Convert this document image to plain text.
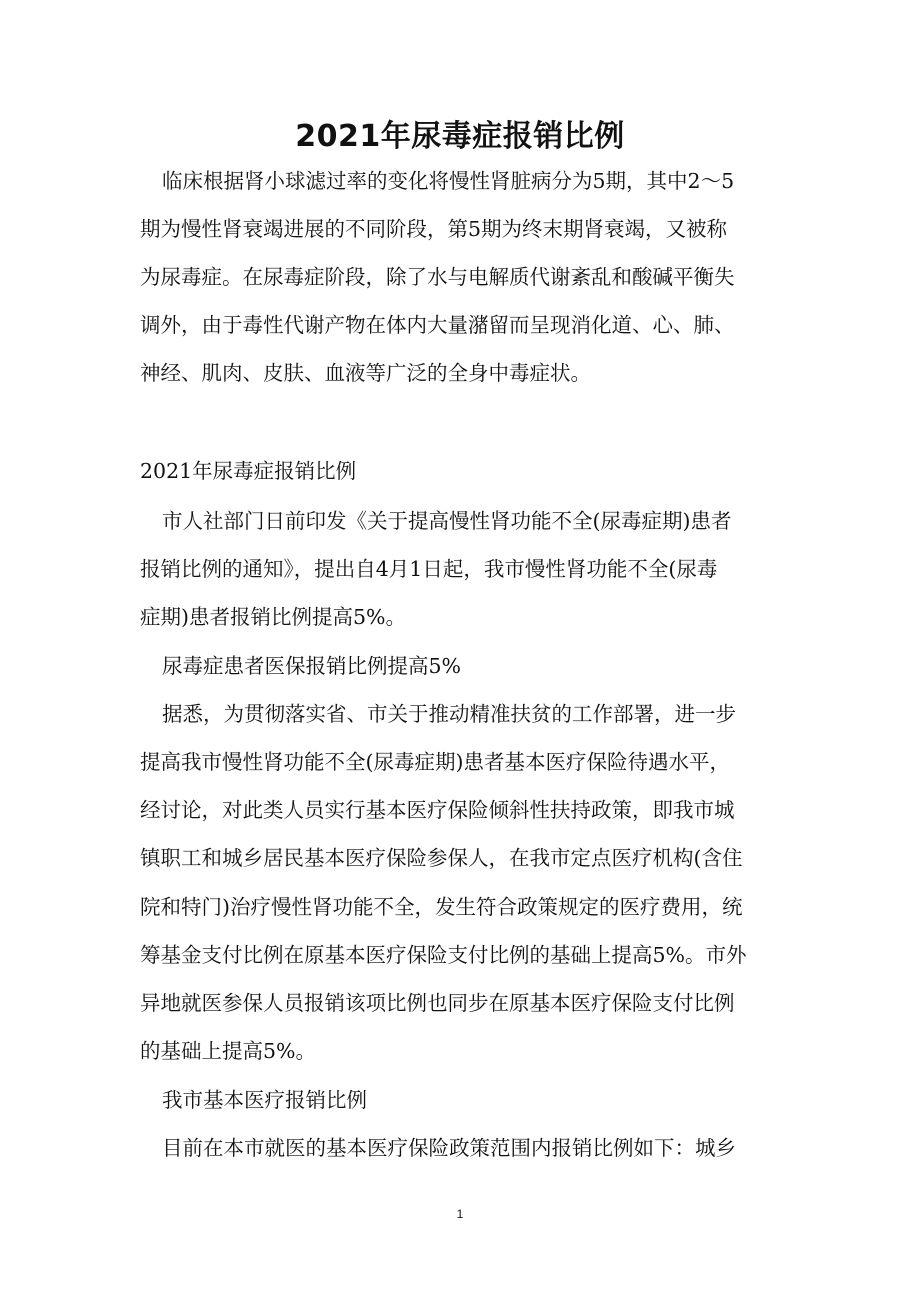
2021年尿毒症报销比例

临床根据肾小球滤过率的变化将慢性肾脏病分为5期，其中2～5

期为慢性肾衰竭进展的不同阶段，第5期为终末期肾衰竭，又被称

为尿毒症。在尿毒症阶段，除了水与电解质代谢紊乱和酸碱平衡失

调外，由于毒性代谢产物在体内大量潴留而呈现消化道、心、肺、

神经、肌肉、皮肤、血液等广泛的全身中毒症状。

2021年尿毒症报销比例

市人社部门日前印发《关于提高慢性肾功能不全(尿毒症期)患者

报销比例的通知》，提出自4月1日起，我市慢性肾功能不全(尿毒

症期)患者报销比例提高5%。

尿毒症患者医保报销比例提高5%

据悉，为贯彻落实省、市关于推动精准扶贫的工作部署，进一步

提高我市慢性肾功能不全(尿毒症期)患者基本医疗保险待遇水平，

经讨论，对此类人员实行基本医疗保险倾斜性扶持政策，即我市城

镇职工和城乡居民基本医疗保险参保人，在我市定点医疗机构(含住

院和特门)治疗慢性肾功能不全，发生符合政策规定的医疗费用，统

筹基金支付比例在原基本医疗保险支付比例的基础上提高5%。市外

异地就医参保人员报销该项比例也同步在原基本医疗保险支付比例

的基础上提高5%。

我市基本医疗报销比例

目前在本市就医的基本医疗保险政策范围内报销比例如下：城乡

1
